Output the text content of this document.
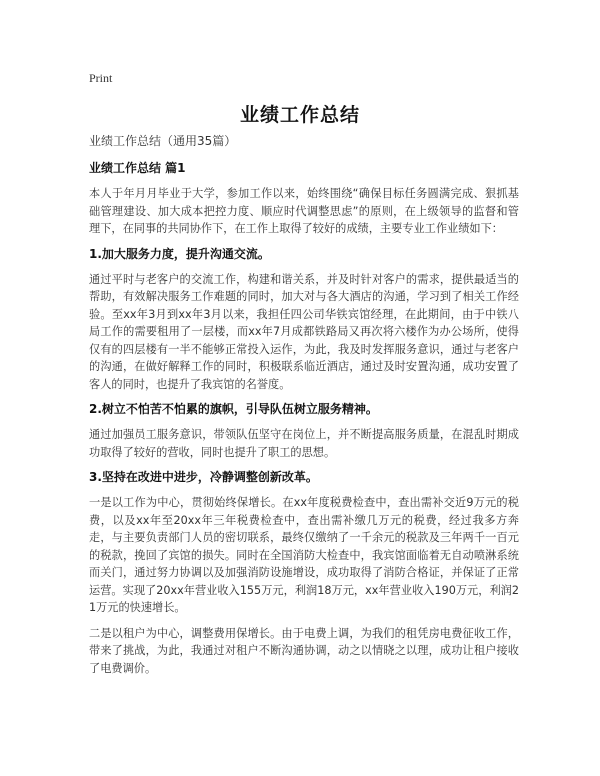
Print
业绩工作总结

业绩工作总结（通用35篇）

业绩工作总结 篇1

本人于年月月毕业于大学，参加工作以来，始终围绕“确保目标任务圆满完成、狠抓基础管理建设、加大成本把控力度、顺应时代调整思虑”的原则，在上级领导的监督和管理下，在同事的共同协作下，在工作上取得了较好的成绩，主要专业工作业绩如下：

1.加大服务力度，提升沟通交流。

通过平时与老客户的交流工作，构建和谐关系，并及时针对客户的需求，提供最适当的帮助，有效解决服务工作难题的同时，加大对与各大酒店的沟通，学习到了相关工作经验。至xx年3月到xx年3月以来，我担任四公司华铁宾馆经理，在此期间，由于中铁八局工作的需要租用了一层楼，而xx年7月成都铁路局又再次将六楼作为办公场所，使得仅有的四层楼有一半不能够正常投入运作，为此，我及时发挥服务意识，通过与老客户的沟通，在做好解释工作的同时，积极联系临近酒店，通过及时安置沟通，成功安置了客人的同时，也提升了我宾馆的名誉度。

2.树立不怕苦不怕累的旗帜，引导队伍树立服务精神。

通过加强员工服务意识，带领队伍坚守在岗位上，并不断提高服务质量，在混乱时期成功取得了较好的营收，同时也提升了职工的思想。

3.坚持在改进中进步，冷静调整创新改革。

一是以工作为中心，贯彻始终保增长。在xx年度税费检查中，查出需补交近9万元的税费，以及xx年至20xx年三年税费检查中，查出需补缴几万元的税费，经过我多方奔走，与主要负责部门人员的密切联系，最终仅缴纳了一千余元的税款及三年两千一百元的税款，挽回了宾馆的损失。同时在全国消防大检查中，我宾馆面临着无自动喷淋系统而关门，通过努力协调以及加强消防设施增设，成功取得了消防合格证，并保证了正常运营。实现了20xx年营业收入155万元，利润18万元，xx年营业收入190万元，利润21万元的快速增长。

二是以租户为中心，调整费用保增长。由于电费上调，为我们的租凭房电费征收工作，带来了挑战，为此，我通过对租户不断沟通协调，动之以情晓之以理，成功让租户接收了电费调价。
